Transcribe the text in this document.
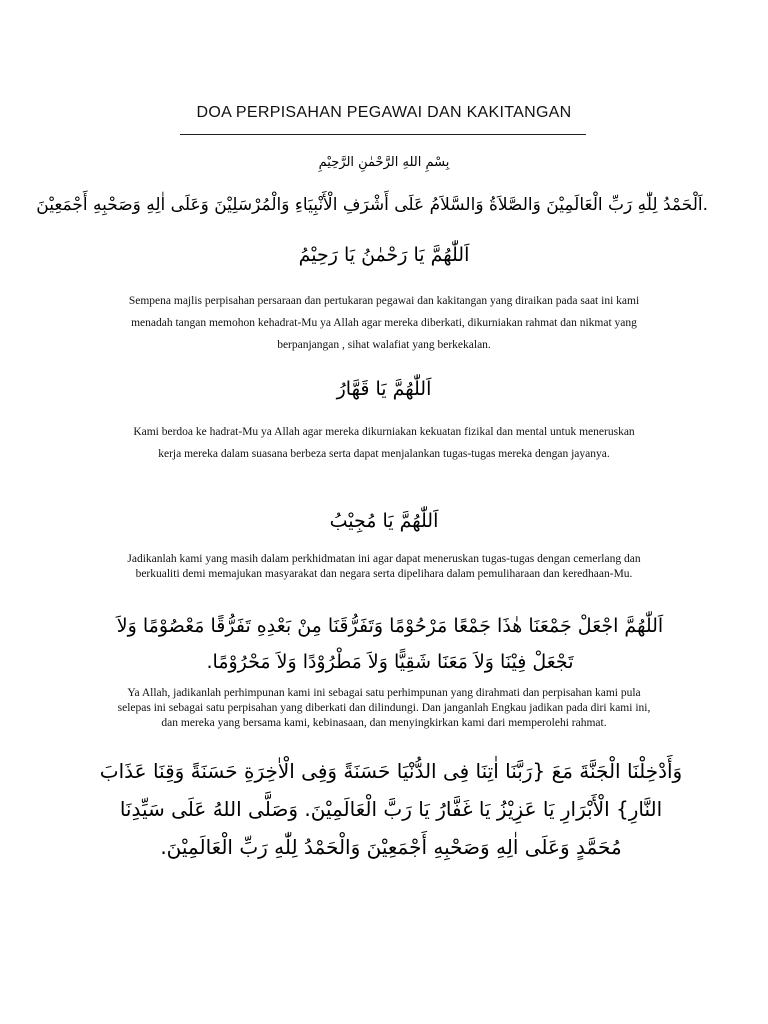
DOA PERPISAHAN PEGAWAI DAN KAKITANGAN
بِسْمِ اللهِ الرَّحْمٰنِ الرَّحِيْمِ
.اَلْحَمْدُ لِلّٰهِ رَبِّ الْعَالَمِيْنَ وَالصَّلاَةُ وَالسَّلاَمُ عَلَى أَشْرَفِ الْأَنْبِيَاءِ وَالْمُرْسَلِيْنَ وَعَلَى اٰلِهِ وَصَحْبِهِ أَجْمَعِيْنَ
اَللّٰهُمَّ يَا رَحْمٰنُ يَا رَحِيْمُ
Sempena majlis perpisahan persaraan dan pertukaran pegawai dan kakitangan yang diraikan pada saat ini kami menadah tangan memohon kehadrat-Mu ya Allah agar mereka diberkati, dikurniakan rahmat dan nikmat yang berpanjangan , sihat walafiat yang berkekalan.
اَللّٰهُمَّ يَا قَهَّارُ
Kami berdoa ke hadrat-Mu ya Allah agar mereka dikurniakan kekuatan fizikal dan mental untuk meneruskan kerja mereka dalam suasana berbeza serta dapat menjalankan tugas-tugas mereka dengan jayanya.
اَللّٰهُمَّ يَا مُجِيْبُ
Jadikanlah kami yang masih dalam perkhidmatan ini agar dapat meneruskan tugas-tugas dengan cemerlang dan berkualiti demi memajukan masyarakat dan negara serta dipelihara dalam pemuliharaan dan keredhaan-Mu.
اَللّٰهُمَّ اجْعَلْ جَمْعَنَا هٰذَا جَمْعًا مَرْحُوْمًا وَتَفَرُّقَنَا مِنْ بَعْدِهِ تَفَرُّقًا مَعْصُوْمًا وَلاَ تَجْعَلْ فِيْنَا وَلاَ مَعَنَا شَقِيًّا وَلاَ مَطْرُوْدًا وَلاَ مَحْرُوْمًا.
Ya Allah, jadikanlah perhimpunan kami ini sebagai satu perhimpunan yang dirahmati dan perpisahan kami pula selepas ini sebagai satu perpisahan yang diberkati dan dilindungi. Dan janganlah Engkau jadikan pada diri kami ini, dan mereka yang bersama kami, kebinasaan, dan menyingkirkan kami dari memperolehi rahmat.
وَأَدْخِلْنَا الْجَنَّةَ مَعَ {رَبَّنَا اٰتِنَا فِى الدُّنْيَا حَسَنَةً وَفِى الْاٰخِرَةِ حَسَنَةً وَقِنَا عَذَابَ النَّارِ} الْأَبْرَارِ يَا عَزِيْزُ يَا غَفَّارُ يَا رَبَّ الْعَالَمِيْنَ. وَصَلَّى اللهُ عَلَى سَيِّدِنَا مُحَمَّدٍ وَعَلَى اٰلِهِ وَصَحْبِهِ أَجْمَعِيْنَ وَالْحَمْدُ لِلّٰهِ رَبِّ الْعَالَمِيْنَ.
